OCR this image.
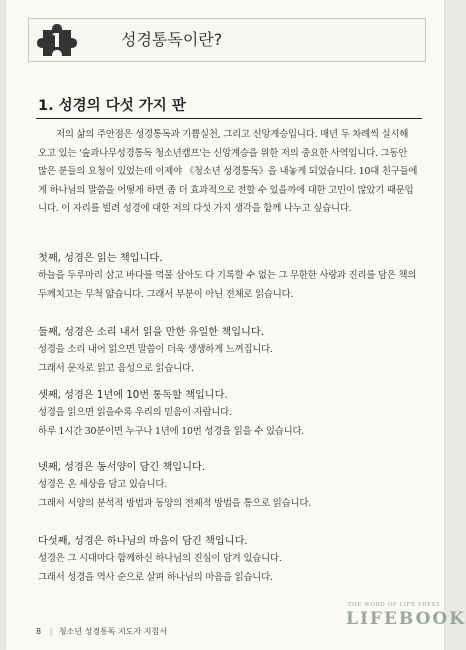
성경통독이란?
1. 성경의 다섯 가지 판

저의 삶의 주안점은 성경통독과 기쁨실천, 그리고 신앙계승입니다. 매년 두 차례씩 실시해 오고 있는 '숲과나무성경통독 청소년캠프'는 신앙계승을 위한 저의 중요한 사역입니다. 그동안 많은 분들의 요청이 있었는데 이제야 《청소년 성경통독》을 내놓게 되었습니다. 10대 친구들에게 하나님의 말씀을 어떻게 하면 좀 더 효과적으로 전할 수 있을까에 대한 고민이 많았기 때문입니다. 이 자리를 빌려 성경에 대한 저의 다섯 가지 생각을 함께 나누고 싶습니다.

첫째, 성경은 읽는 책입니다.

하늘을 두루마리 삼고 바다를 먹물 삼아도 다 기록할 수 없는 그 무한한 사랑과 진리를 담은 책의 두께치고는 무척 얇습니다. 그래서 부분이 아닌 전체로 읽습니다.

둘째, 성경은 소리 내서 읽을 만한 유일한 책입니다.

성경을 소리 내어 읽으면 말씀이 더욱 생생하게 느껴집니다.

그래서 문자로 읽고 음성으로 읽습니다.

셋째, 성경은 1년에 10번 통독할 책입니다.

성경을 읽으면 읽을수록 우리의 믿음이 자랍니다.

하루 1시간 30분이면 누구나 1년에 10번 성경을 읽을 수 있습니다.

넷째, 성경은 동서양이 담긴 책입니다.

성경은 온 세상을 담고 있습니다.

그래서 서양의 분석적 방법과 동양의 전체적 방법을 통으로 읽습니다.

다섯째, 성경은 하나님의 마음이 담긴 책입니다.

성경은 그 시대마다 함께하신 하나님의 진심이 담겨 있습니다.

그래서 성경을 역사 순으로 살펴 하나님의 마음을 읽습니다.

8 | 청소년 성경통독 지도자 지침서
THE WORD OF LIFE PRESS
LIFEBOOK
